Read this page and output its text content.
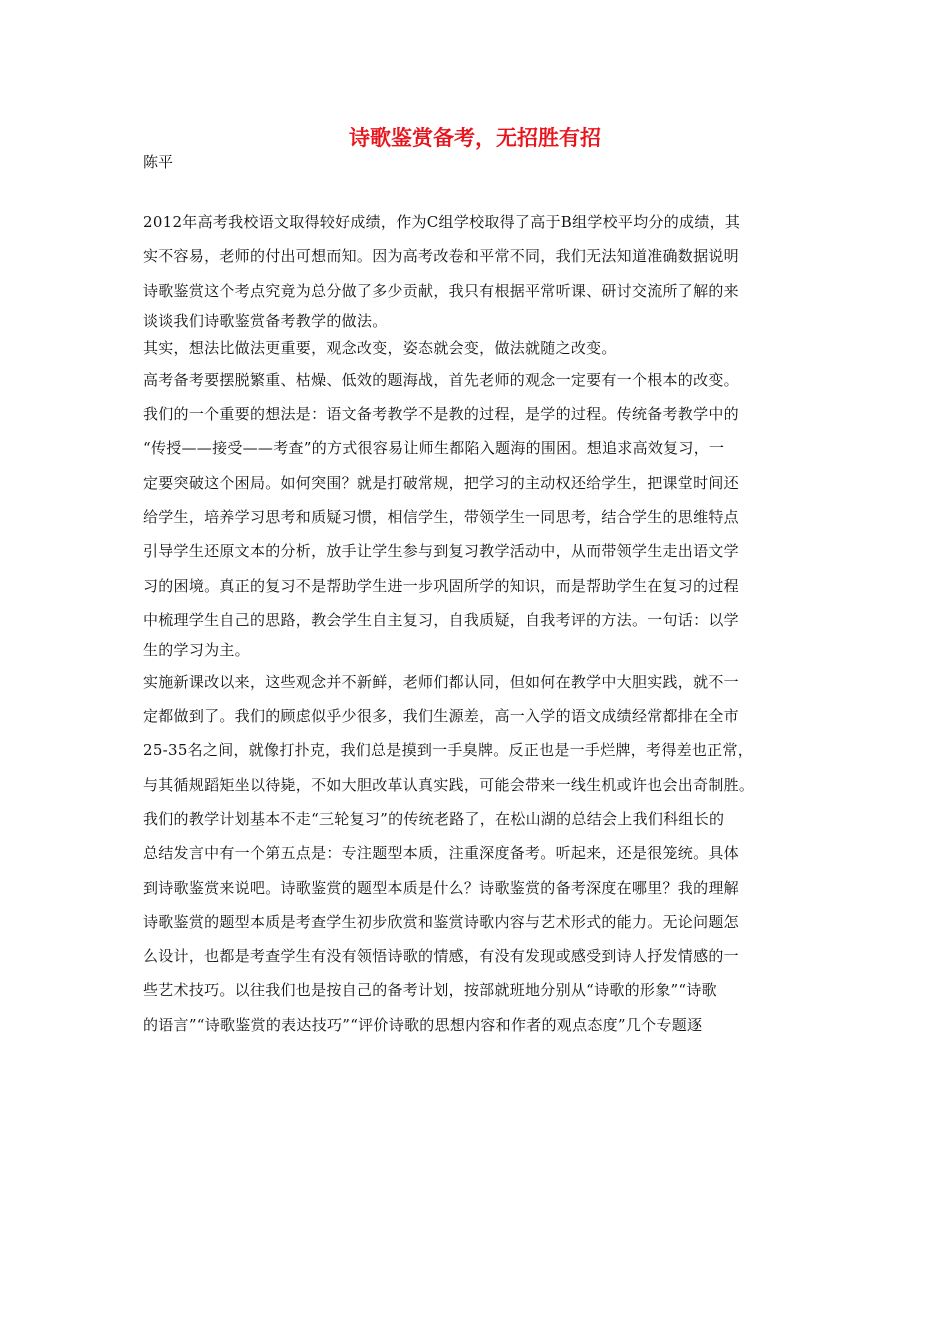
诗歌鉴赏备考，无招胜有招

陈平

2012年高考我校语文取得较好成绩，作为C组学校取得了高于B组学校平均分的成绩，其
实不容易，老师的付出可想而知。因为高考改卷和平常不同，我们无法知道准确数据说明
诗歌鉴赏这个考点究竟为总分做了多少贡献，我只有根据平常听课、研讨交流所了解的来
谈谈我们诗歌鉴赏备考教学的做法。
其实，想法比做法更重要，观念改变，姿态就会变，做法就随之改变。
高考备考要摆脱繁重、枯燥、低效的题海战，首先老师的观念一定要有一个根本的改变。
我们的一个重要的想法是：语文备考教学不是教的过程，是学的过程。传统备考教学中的
“传授——接受——考查”的方式很容易让师生都陷入题海的围困。想追求高效复习，一
定要突破这个困局。如何突围？就是打破常规，把学习的主动权还给学生，把课堂时间还
给学生，培养学习思考和质疑习惯，相信学生，带领学生一同思考，结合学生的思维特点
引导学生还原文本的分析，放手让学生参与到复习教学活动中，从而带领学生走出语文学
习的困境。真正的复习不是帮助学生进一步巩固所学的知识，而是帮助学生在复习的过程
中梳理学生自己的思路，教会学生自主复习，自我质疑，自我考评的方法。一句话：以学
生的学习为主。
实施新课改以来，这些观念并不新鲜，老师们都认同，但如何在教学中大胆实践，就不一
定都做到了。我们的顾虑似乎少很多，我们生源差，高一入学的语文成绩经常都排在全市
25-35名之间，就像打扑克，我们总是摸到一手臭牌。反正也是一手烂牌，考得差也正常，
与其循规蹈矩坐以待毙，不如大胆改革认真实践，可能会带来一线生机或许也会出奇制胜。
我们的教学计划基本不走“三轮复习”的传统老路了，在松山湖的总结会上我们科组长的
总结发言中有一个第五点是：专注题型本质，注重深度备考。听起来，还是很笼统。具体
到诗歌鉴赏来说吧。诗歌鉴赏的题型本质是什么？诗歌鉴赏的备考深度在哪里？我的理解
诗歌鉴赏的题型本质是考查学生初步欣赏和鉴赏诗歌内容与艺术形式的能力。无论问题怎
么设计，也都是考查学生有没有领悟诗歌的情感，有没有发现或感受到诗人抒发情感的一
些艺术技巧。以往我们也是按自己的备考计划，按部就班地分别从“诗歌的形象”“诗歌
的语言”“诗歌鉴赏的表达技巧”“评价诗歌的思想内容和作者的观点态度”几个专题逐
